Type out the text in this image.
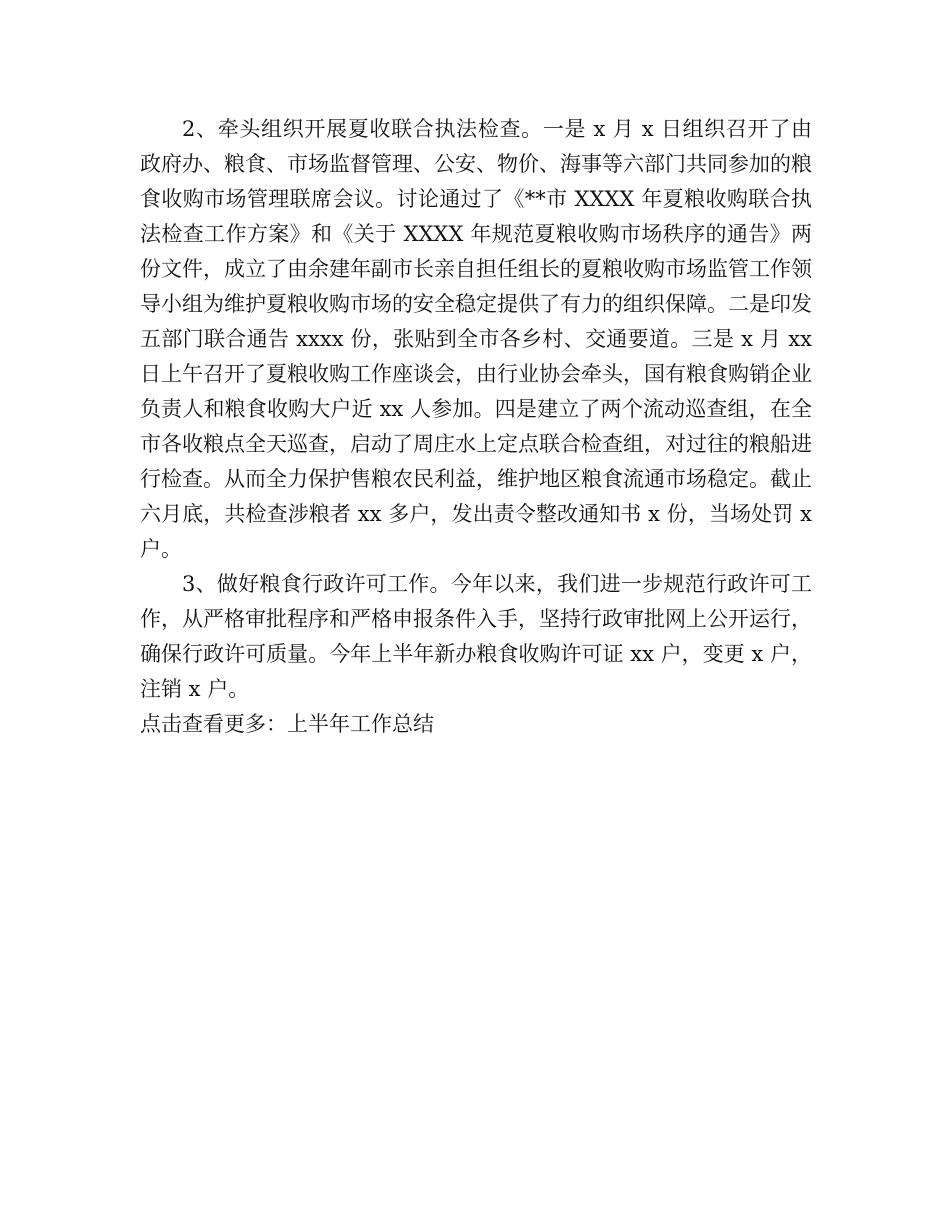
2、牵头组织开展夏收联合执法检查。一是 x 月 x 日组织召开了由政府办、粮食、市场监督管理、公安、物价、海事等六部门共同参加的粮食收购市场管理联席会议。讨论通过了《**市 XXXX 年夏粮收购联合执法检查工作方案》和《关于 XXXX 年规范夏粮收购市场秩序的通告》两份文件，成立了由余建年副市长亲自担任组长的夏粮收购市场监管工作领导小组为维护夏粮收购市场的安全稳定提供了有力的组织保障。二是印发五部门联合通告 xxxx 份，张贴到全市各乡村、交通要道。三是 x 月 xx 日上午召开了夏粮收购工作座谈会，由行业协会牵头，国有粮食购销企业负责人和粮食收购大户近 xx 人参加。四是建立了两个流动巡查组，在全市各收粮点全天巡查，启动了周庄水上定点联合检查组，对过往的粮船进行检查。从而全力保护售粮农民利益，维护地区粮食流通市场稳定。截止六月底，共检查涉粮者 xx 多户，发出责令整改通知书 x 份，当场处罚 x 户。

3、做好粮食行政许可工作。今年以来，我们进一步规范行政许可工作，从严格审批程序和严格申报条件入手，坚持行政审批网上公开运行，确保行政许可质量。今年上半年新办粮食收购许可证 xx 户，变更 x 户，注销 x 户。

点击查看更多：上半年工作总结
